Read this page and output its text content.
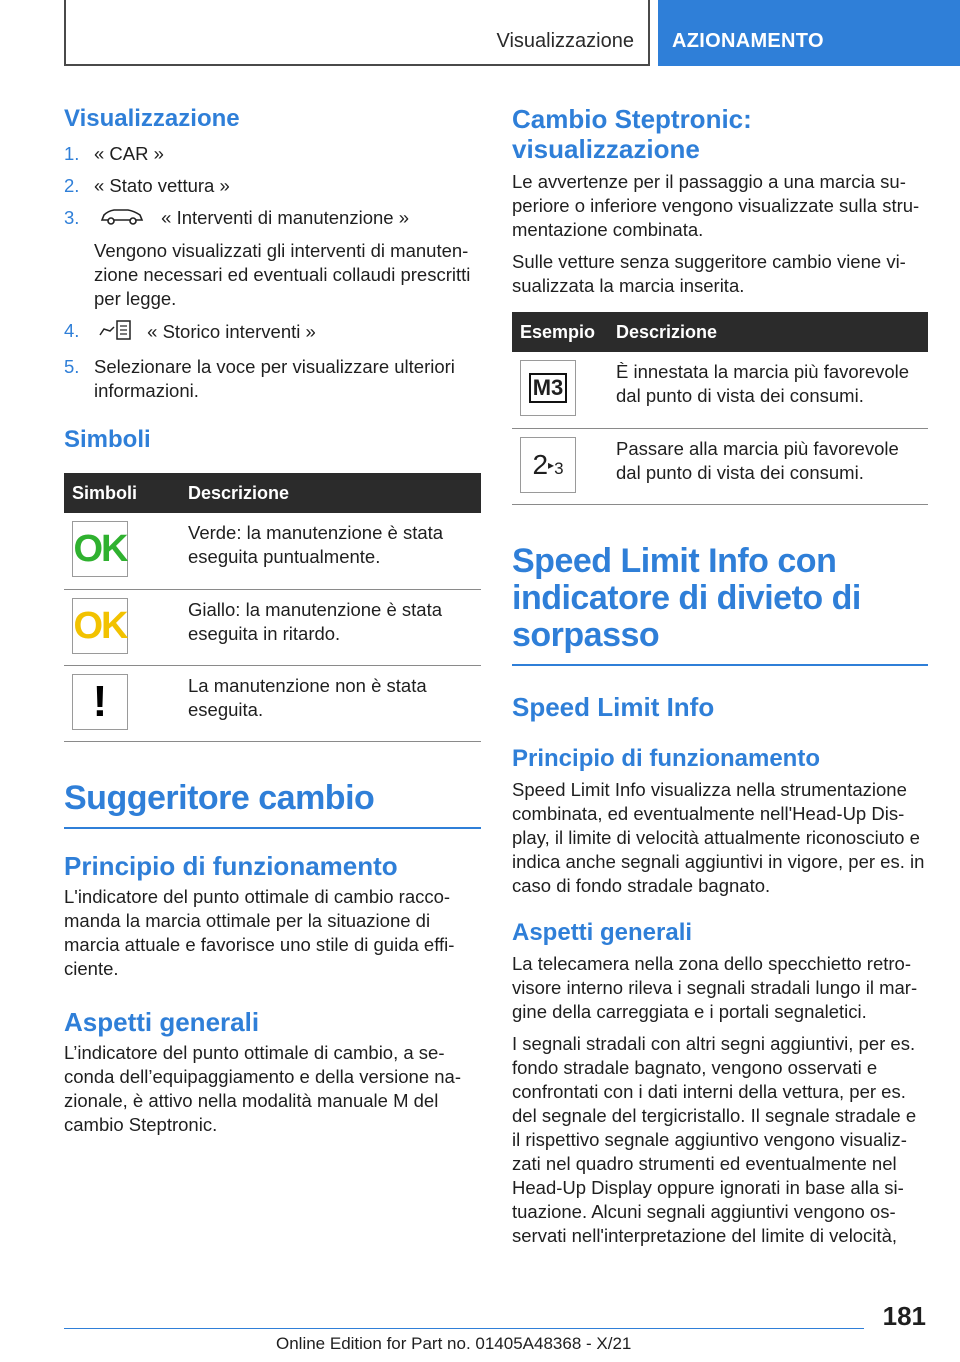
Visualizzazione AZIONAMENTO
Visualizzazione
1. « CAR »
2. « Stato vettura »
3.	« Interventi di manutenzione »
Vengono visualizzati gli interventi di manuten‐zione necessari ed eventuali collaudi prescritti per legge.
4.	« Storico interventi »
5. Selezionare la voce per visualizzare ulteriori informazioni.
Simboli
Simboli	Descrizione

OK	Verde: la manutenzione è stata eseguita puntualmente.

OK	Giallo: la manutenzione è stata eseguita in ritardo.

!	La manutenzione non è stata eseguita.
Suggeritore cambio
Principio di funzionamento

L'indicatore del punto ottimale di cambio racco‐manda la marcia ottimale per la situazione di marcia attuale e favorisce uno stile di guida effi‐ciente.

Aspetti generali

L’indicatore del punto ottimale di cambio, a se‐conda dell’equipaggiamento e della versione na‐zionale, è attivo nella modalità manuale M del cambio Steptronic.

Cambio Steptronic: visualizzazione

Le avvertenze per il passaggio a una marcia su‐periore o inferiore vengono visualizzate sulla stru‐mentazione combinata.

Sulle vetture senza suggeritore cambio viene vi‐sualizzata la marcia inserita.

Esempio	Descrizione

M3	È innestata la marcia più favorevole dal punto di vista dei consumi.

2 ▸ 3	Passare alla marcia più favorevole dal punto di vista dei consumi.
Speed Limit Info con indicatore di divieto di sorpasso
Speed Limit Info
Principio di funzionamento

Speed Limit Info visualizza nella strumentazione combinata, ed eventualmente nell'Head-Up Dis‐play, il limite di velocità attualmente riconosciuto e indica anche segnali aggiuntivi in vigore, per es. in caso di fondo stradale bagnato.

Aspetti generali

La telecamera nella zona dello specchietto retro‐visore interno rileva i segnali stradali lungo il mar‐gine della carreggiata e i portali segnaletici.

I segnali stradali con altri segni aggiuntivi, per es. fondo stradale bagnato, vengono osservati e confrontati con i dati interni della vettura, per es. del segnale del tergicristallo. Il segnale stradale e il rispettivo segnale aggiuntivo vengono visualiz‐zati nel quadro strumenti ed eventualmente nel Head-Up Display oppure ignorati in base alla si‐tuazione. Alcuni segnali aggiuntivi vengono os‐servati nell'interpretazione del limite di velocità,

181
Online Edition for Part no. 01405A48368 - X/21
